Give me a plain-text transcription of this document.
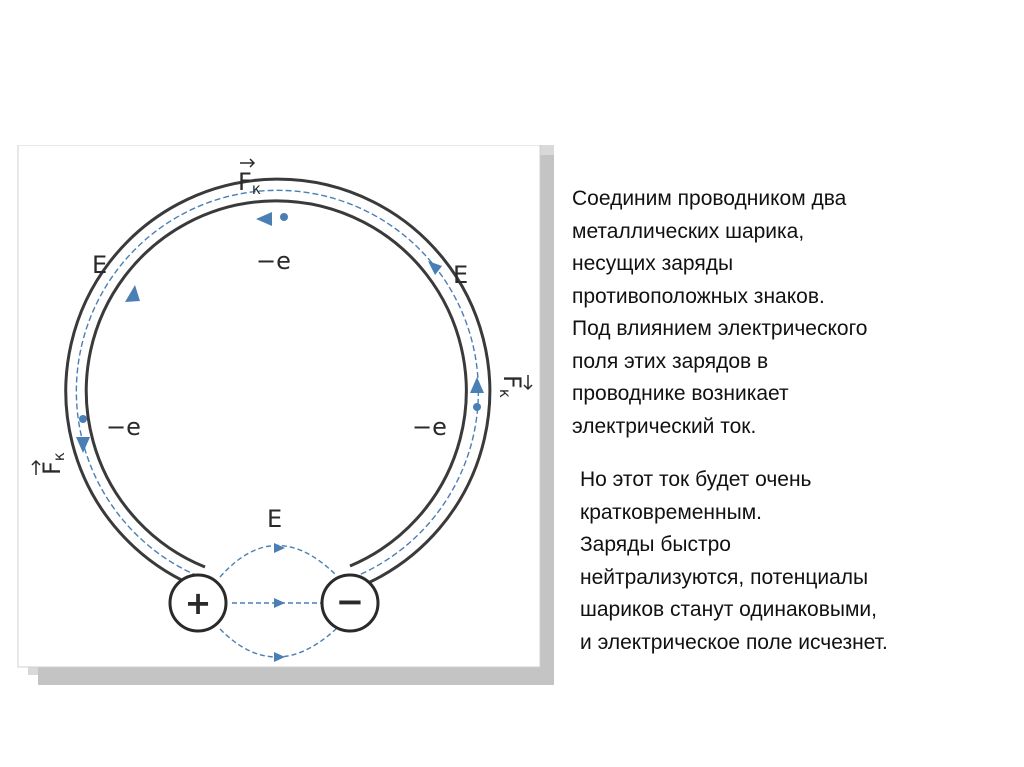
+	−
Fк
E	E
−e
−e	−e
E
Fк
Fк

Соединим проводником два

металлических шарика,

несущих заряды

противоположных знаков.

Под влиянием электрического

поля этих зарядов в

проводнике возникает

электрический ток.

Но этот ток будет очень

кратковременным.

Заряды быстро

нейтрализуются, потенциалы

шариков станут одинаковыми,

и электрическое поле исчезнет.
